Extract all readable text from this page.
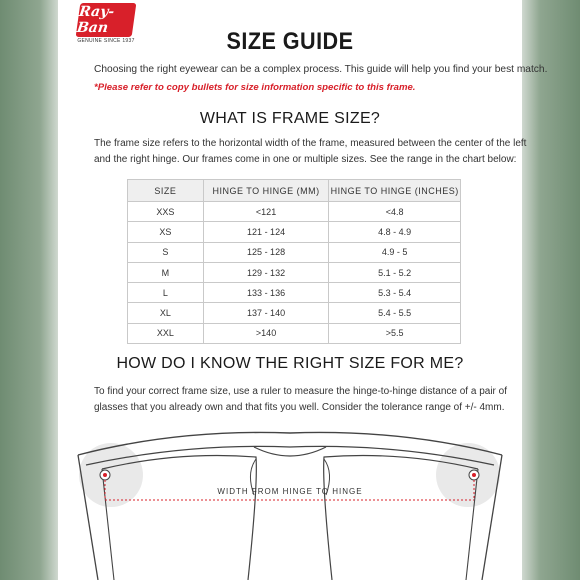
Ray-Ban
GENUINE SINCE 1937	SIZE GUIDE
Choosing the right eyewear can be a complex process. This guide will help you find your best match.
*Please refer to copy bullets for size information specific to this frame.
WHAT IS FRAME SIZE?
The frame size refers to the horizontal width of the frame, measured between the center of the left
and the right hinge. Our frames come in one or multiple sizes. See the range in the chart below:
SIZE	HINGE TO HINGE (MM)	HINGE TO HINGE (INCHES)
XXS	<121	<4.8
XS	121 - 124	4.8 - 4.9
S	125 - 128	4.9 - 5
M	129 - 132	5.1 - 5.2
L	133 - 136	5.3 - 5.4
XL	137 - 140	5.4 - 5.5
XXL	>140	>5.5
HOW DO I KNOW THE RIGHT SIZE FOR ME?
To find your correct frame size, use a ruler to measure the hinge-to-hinge distance of a pair of
glasses that you already own and that fits you well. Consider the tolerance range of +/- 4mm.
WIDTH FROM HINGE TO HINGE
